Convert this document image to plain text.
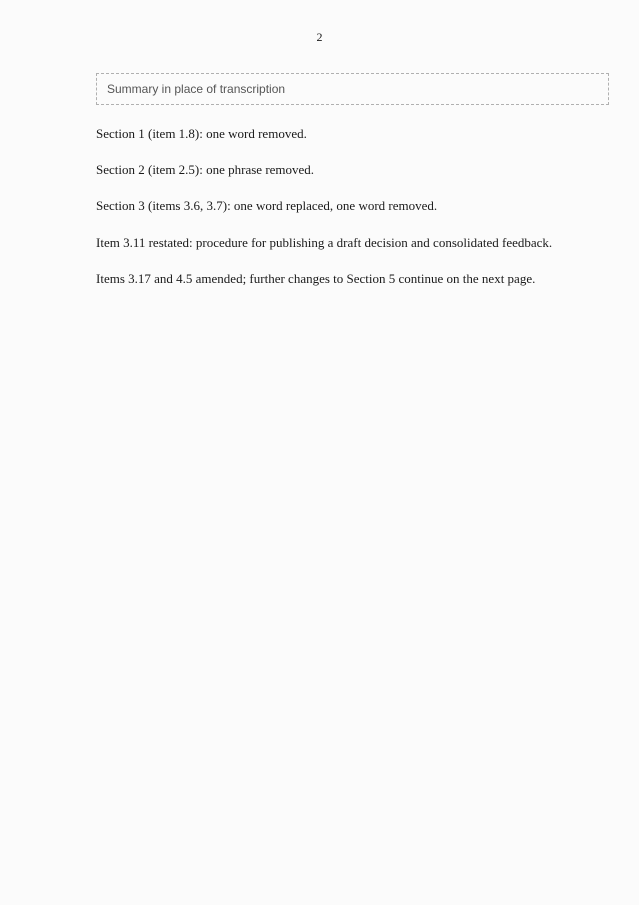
2
Summary in place of transcription
Section 1 (item 1.8): one word removed.
Section 2 (item 2.5): one phrase removed.
Section 3 (items 3.6, 3.7): one word replaced, one word removed.
Item 3.11 restated: procedure for publishing a draft decision and consolidated feedback.
Items 3.17 and 4.5 amended; further changes to Section 5 continue on the next page.
